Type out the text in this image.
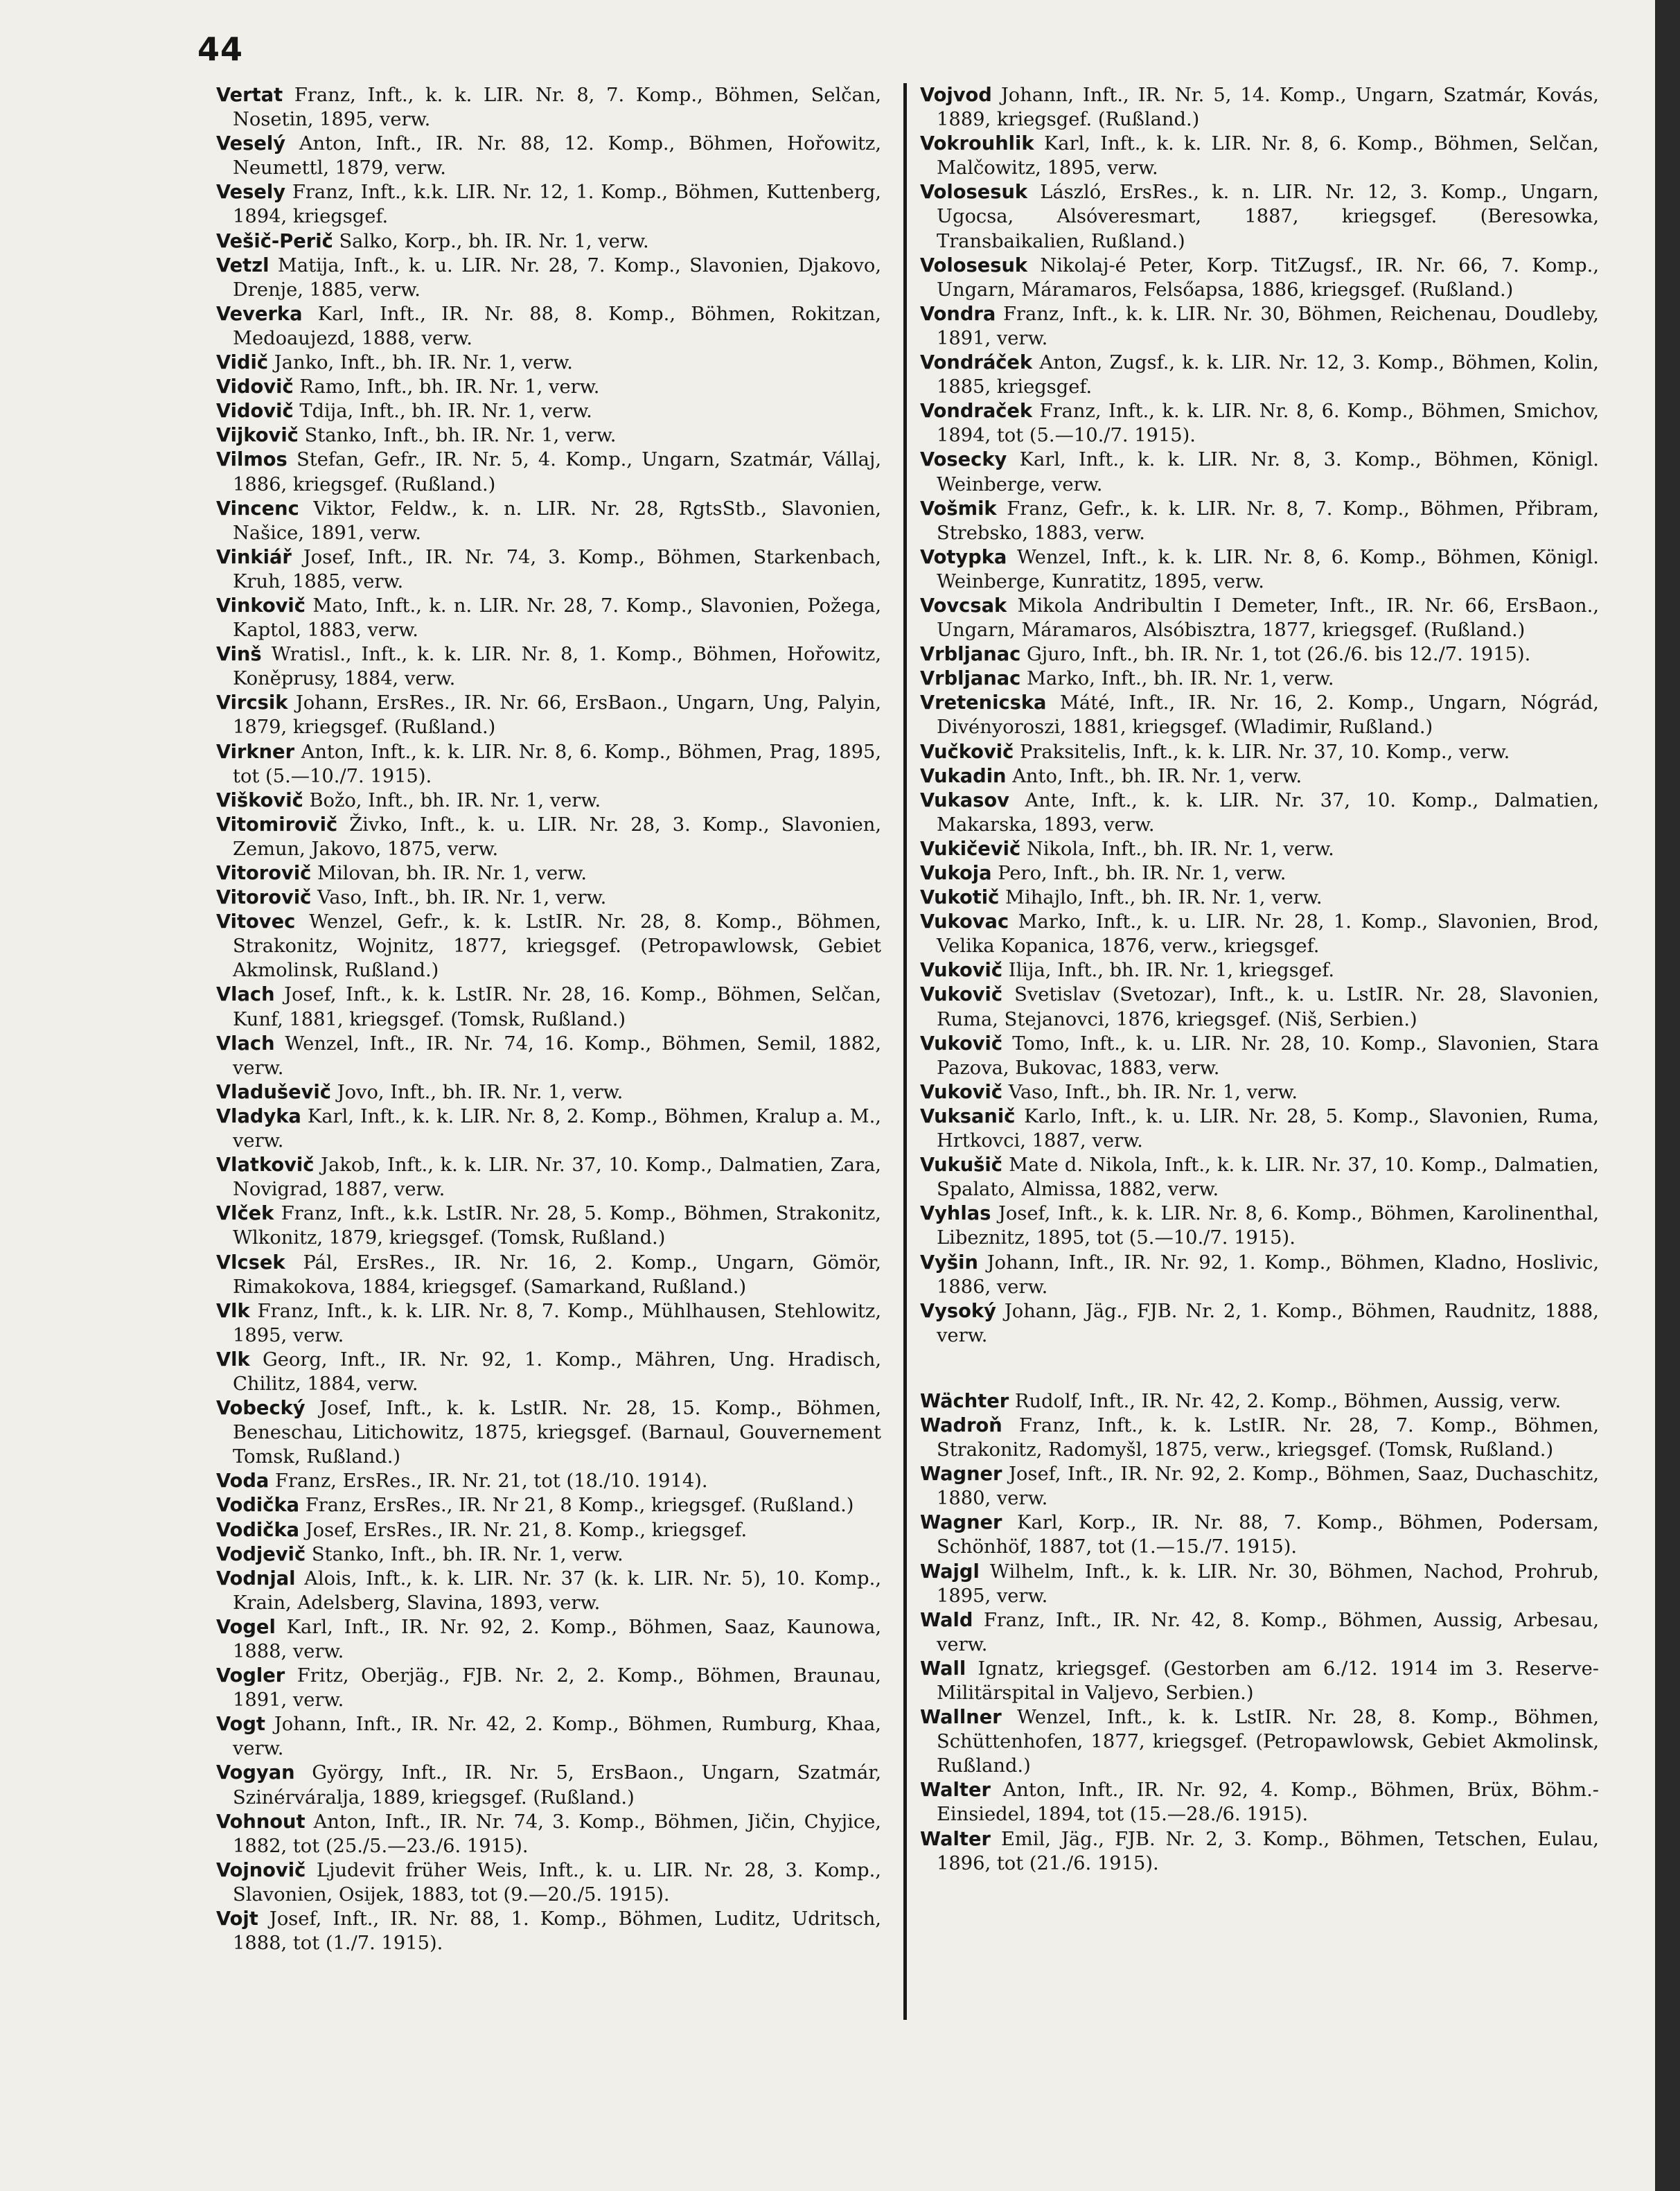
44

Vertat Franz, Inft., k. k. LIR. Nr. 8, 7. Komp., Böhmen, Selčan, Nosetin, 1895, verw.

Veselý Anton, Inft., IR. Nr. 88, 12. Komp., Böhmen, Hořowitz, Neumettl, 1879, verw.

Vesely Franz, Inft., k.k. LIR. Nr. 12, 1. Komp., Böhmen, Kuttenberg, 1894, kriegsgef.

Vešič-Perič Salko, Korp., bh. IR. Nr. 1, verw.

Vetzl Matija, Inft., k. u. LIR. Nr. 28, 7. Komp., Slavonien, Djakovo, Drenje, 1885, verw.

Veverka Karl, Inft., IR. Nr. 88, 8. Komp., Böhmen, Rokitzan, Medoaujezd, 1888, verw.

Vidič Janko, Inft., bh. IR. Nr. 1, verw.

Vidovič Ramo, Inft., bh. IR. Nr. 1, verw.

Vidovič Tdija, Inft., bh. IR. Nr. 1, verw.

Vijkovič Stanko, Inft., bh. IR. Nr. 1, verw.

Vilmos Stefan, Gefr., IR. Nr. 5, 4. Komp., Ungarn, Szatmár, Vállaj, 1886, kriegsgef. (Rußland.)

Vincenc Viktor, Feldw., k. n. LIR. Nr. 28, RgtsStb., Slavonien, Našice, 1891, verw.

Vinkiář Josef, Inft., IR. Nr. 74, 3. Komp., Böhmen, Starkenbach, Kruh, 1885, verw.

Vinkovič Mato, Inft., k. n. LIR. Nr. 28, 7. Komp., Slavonien, Požega, Kaptol, 1883, verw.

Vinš Wratisl., Inft., k. k. LIR. Nr. 8, 1. Komp., Böhmen, Hořowitz, Koněprusy, 1884, verw.

Vircsik Johann, ErsRes., IR. Nr. 66, ErsBaon., Ungarn, Ung, Palyin, 1879, kriegsgef. (Rußland.)

Virkner Anton, Inft., k. k. LIR. Nr. 8, 6. Komp., Böhmen, Prag, 1895, tot (5.—10./7. 1915).

Viškovič Božo, Inft., bh. IR. Nr. 1, verw.

Vitomirovič Živko, Inft., k. u. LIR. Nr. 28, 3. Komp., Slavonien, Zemun, Jakovo, 1875, verw.

Vitorovič Milovan, bh. IR. Nr. 1, verw.

Vitorovič Vaso, Inft., bh. IR. Nr. 1, verw.

Vitovec Wenzel, Gefr., k. k. LstIR. Nr. 28, 8. Komp., Böhmen, Strakonitz, Wojnitz, 1877, kriegsgef. (Petropawlowsk, Gebiet Akmolinsk, Rußland.)

Vlach Josef, Inft., k. k. LstIR. Nr. 28, 16. Komp., Böhmen, Selčan, Kunf, 1881, kriegsgef. (Tomsk, Rußland.)

Vlach Wenzel, Inft., IR. Nr. 74, 16. Komp., Böhmen, Semil, 1882, verw.

Vladuševič Jovo, Inft., bh. IR. Nr. 1, verw.

Vladyka Karl, Inft., k. k. LIR. Nr. 8, 2. Komp., Böhmen, Kralup a. M., verw.

Vlatkovič Jakob, Inft., k. k. LIR. Nr. 37, 10. Komp., Dalmatien, Zara, Novigrad, 1887, verw.

Vlček Franz, Inft., k.k. LstIR. Nr. 28, 5. Komp., Böhmen, Strakonitz, Wlkonitz, 1879, kriegsgef. (Tomsk, Rußland.)

Vlcsek Pál, ErsRes., IR. Nr. 16, 2. Komp., Ungarn, Gömör, Rimakokova, 1884, kriegsgef. (Samarkand, Rußland.)

Vlk Franz, Inft., k. k. LIR. Nr. 8, 7. Komp., Mühlhausen, Stehlowitz, 1895, verw.

Vlk Georg, Inft., IR. Nr. 92, 1. Komp., Mähren, Ung. Hradisch, Chilitz, 1884, verw.

Vobecký Josef, Inft., k. k. LstIR. Nr. 28, 15. Komp., Böhmen, Beneschau, Litichowitz, 1875, kriegsgef. (Barnaul, Gouvernement Tomsk, Rußland.)

Voda Franz, ErsRes., IR. Nr. 21, tot (18./10. 1914).

Vodička Franz, ErsRes., IR. Nr 21, 8 Komp., kriegsgef. (Rußland.)

Vodička Josef, ErsRes., IR. Nr. 21, 8. Komp., kriegsgef.

Vodjevič Stanko, Inft., bh. IR. Nr. 1, verw.

Vodnjal Alois, Inft., k. k. LIR. Nr. 37 (k. k. LIR. Nr. 5), 10. Komp., Krain, Adelsberg, Slavina, 1893, verw.

Vogel Karl, Inft., IR. Nr. 92, 2. Komp., Böhmen, Saaz, Kaunowa, 1888, verw.

Vogler Fritz, Oberjäg., FJB. Nr. 2, 2. Komp., Böhmen, Braunau, 1891, verw.

Vogt Johann, Inft., IR. Nr. 42, 2. Komp., Böhmen, Rumburg, Khaa, verw.

Vogyan György, Inft., IR. Nr. 5, ErsBaon., Ungarn, Szatmár, Szinérváralja, 1889, kriegsgef. (Rußland.)

Vohnout Anton, Inft., IR. Nr. 74, 3. Komp., Böhmen, Jičin, Chyjice, 1882, tot (25./5.—23./6. 1915).

Vojnovič Ljudevit früher Weis, Inft., k. u. LIR. Nr. 28, 3. Komp., Slavonien, Osijek, 1883, tot (9.—20./5. 1915).

Vojt Josef, Inft., IR. Nr. 88, 1. Komp., Böhmen, Luditz, Udritsch, 1888, tot (1./7. 1915).

Vojvod Johann, Inft., IR. Nr. 5, 14. Komp., Ungarn, Szatmár, Kovás, 1889, kriegsgef. (Rußland.)

Vokrouhlik Karl, Inft., k. k. LIR. Nr. 8, 6. Komp., Böhmen, Selčan, Malčowitz, 1895, verw.

Volosesuk László, ErsRes., k. n. LIR. Nr. 12, 3. Komp., Ungarn, Ugocsa, Alsóveresmart, 1887, kriegsgef. (Beresowka, Transbaikalien, Rußland.)

Volosesuk Nikolaj-é Peter, Korp. TitZugsf., IR. Nr. 66, 7. Komp., Ungarn, Máramaros, Felsőapsa, 1886, kriegsgef. (Rußland.)

Vondra Franz, Inft., k. k. LIR. Nr. 30, Böhmen, Reichenau, Doudleby, 1891, verw.

Vondráček Anton, Zugsf., k. k. LIR. Nr. 12, 3. Komp., Böhmen, Kolin, 1885, kriegsgef.

Vondraček Franz, Inft., k. k. LIR. Nr. 8, 6. Komp., Böhmen, Smichov, 1894, tot (5.—10./7. 1915).

Vosecky Karl, Inft., k. k. LIR. Nr. 8, 3. Komp., Böhmen, Königl. Weinberge, verw.

Vošmik Franz, Gefr., k. k. LIR. Nr. 8, 7. Komp., Böhmen, Přibram, Strebsko, 1883, verw.

Votypka Wenzel, Inft., k. k. LIR. Nr. 8, 6. Komp., Böhmen, Königl. Weinberge, Kunratitz, 1895, verw.

Vovcsak Mikola Andribultin I Demeter, Inft., IR. Nr. 66, ErsBaon., Ungarn, Máramaros, Alsóbisztra, 1877, kriegsgef. (Rußland.)

Vrbljanac Gjuro, Inft., bh. IR. Nr. 1, tot (26./6. bis 12./7. 1915).

Vrbljanac Marko, Inft., bh. IR. Nr. 1, verw.

Vretenicska Máté, Inft., IR. Nr. 16, 2. Komp., Ungarn, Nógrád, Divényoroszi, 1881, kriegsgef. (Wladimir, Rußland.)

Vučkovič Praksitelis, Inft., k. k. LIR. Nr. 37, 10. Komp., verw.

Vukadin Anto, Inft., bh. IR. Nr. 1, verw.

Vukasov Ante, Inft., k. k. LIR. Nr. 37, 10. Komp., Dalmatien, Makarska, 1893, verw.

Vukičevič Nikola, Inft., bh. IR. Nr. 1, verw.

Vukoja Pero, Inft., bh. IR. Nr. 1, verw.

Vukotič Mihajlo, Inft., bh. IR. Nr. 1, verw.

Vukovac Marko, Inft., k. u. LIR. Nr. 28, 1. Komp., Slavonien, Brod, Velika Kopanica, 1876, verw., kriegsgef.

Vukovič Ilija, Inft., bh. IR. Nr. 1, kriegsgef.

Vukovič Svetislav (Svetozar), Inft., k. u. LstIR. Nr. 28, Slavonien, Ruma, Stejanovci, 1876, kriegsgef. (Niš, Serbien.)

Vukovič Tomo, Inft., k. u. LIR. Nr. 28, 10. Komp., Slavonien, Stara Pazova, Bukovac, 1883, verw.

Vukovič Vaso, Inft., bh. IR. Nr. 1, verw.

Vuksanič Karlo, Inft., k. u. LIR. Nr. 28, 5. Komp., Slavonien, Ruma, Hrtkovci, 1887, verw.

Vukušič Mate d. Nikola, Inft., k. k. LIR. Nr. 37, 10. Komp., Dalmatien, Spalato, Almissa, 1882, verw.

Vyhlas Josef, Inft., k. k. LIR. Nr. 8, 6. Komp., Böhmen, Karolinenthal, Libeznitz, 1895, tot (5.—10./7. 1915).

Vyšin Johann, Inft., IR. Nr. 92, 1. Komp., Böhmen, Kladno, Hoslivic, 1886, verw.

Vysoký Johann, Jäg., FJB. Nr. 2, 1. Komp., Böhmen, Raudnitz, 1888, verw.

Wächter Rudolf, Inft., IR. Nr. 42, 2. Komp., Böhmen, Aussig, verw.

Wadroň Franz, Inft., k. k. LstIR. Nr. 28, 7. Komp., Böhmen, Strakonitz, Radomyšl, 1875, verw., kriegsgef. (Tomsk, Rußland.)

Wagner Josef, Inft., IR. Nr. 92, 2. Komp., Böhmen, Saaz, Duchaschitz, 1880, verw.

Wagner Karl, Korp., IR. Nr. 88, 7. Komp., Böhmen, Podersam, Schönhöf, 1887, tot (1.—15./7. 1915).

Wajgl Wilhelm, Inft., k. k. LIR. Nr. 30, Böhmen, Nachod, Prohrub, 1895, verw.

Wald Franz, Inft., IR. Nr. 42, 8. Komp., Böhmen, Aussig, Arbesau, verw.

Wall Ignatz, kriegsgef. (Gestorben am 6./12. 1914 im 3. Reserve-Militärspital in Valjevo, Serbien.)

Wallner Wenzel, Inft., k. k. LstIR. Nr. 28, 8. Komp., Böhmen, Schüttenhofen, 1877, kriegsgef. (Petropawlowsk, Gebiet Akmolinsk, Rußland.)

Walter Anton, Inft., IR. Nr. 92, 4. Komp., Böhmen, Brüx, Böhm.-Einsiedel, 1894, tot (15.—28./6. 1915).

Walter Emil, Jäg., FJB. Nr. 2, 3. Komp., Böhmen, Tetschen, Eulau, 1896, tot (21./6. 1915).
